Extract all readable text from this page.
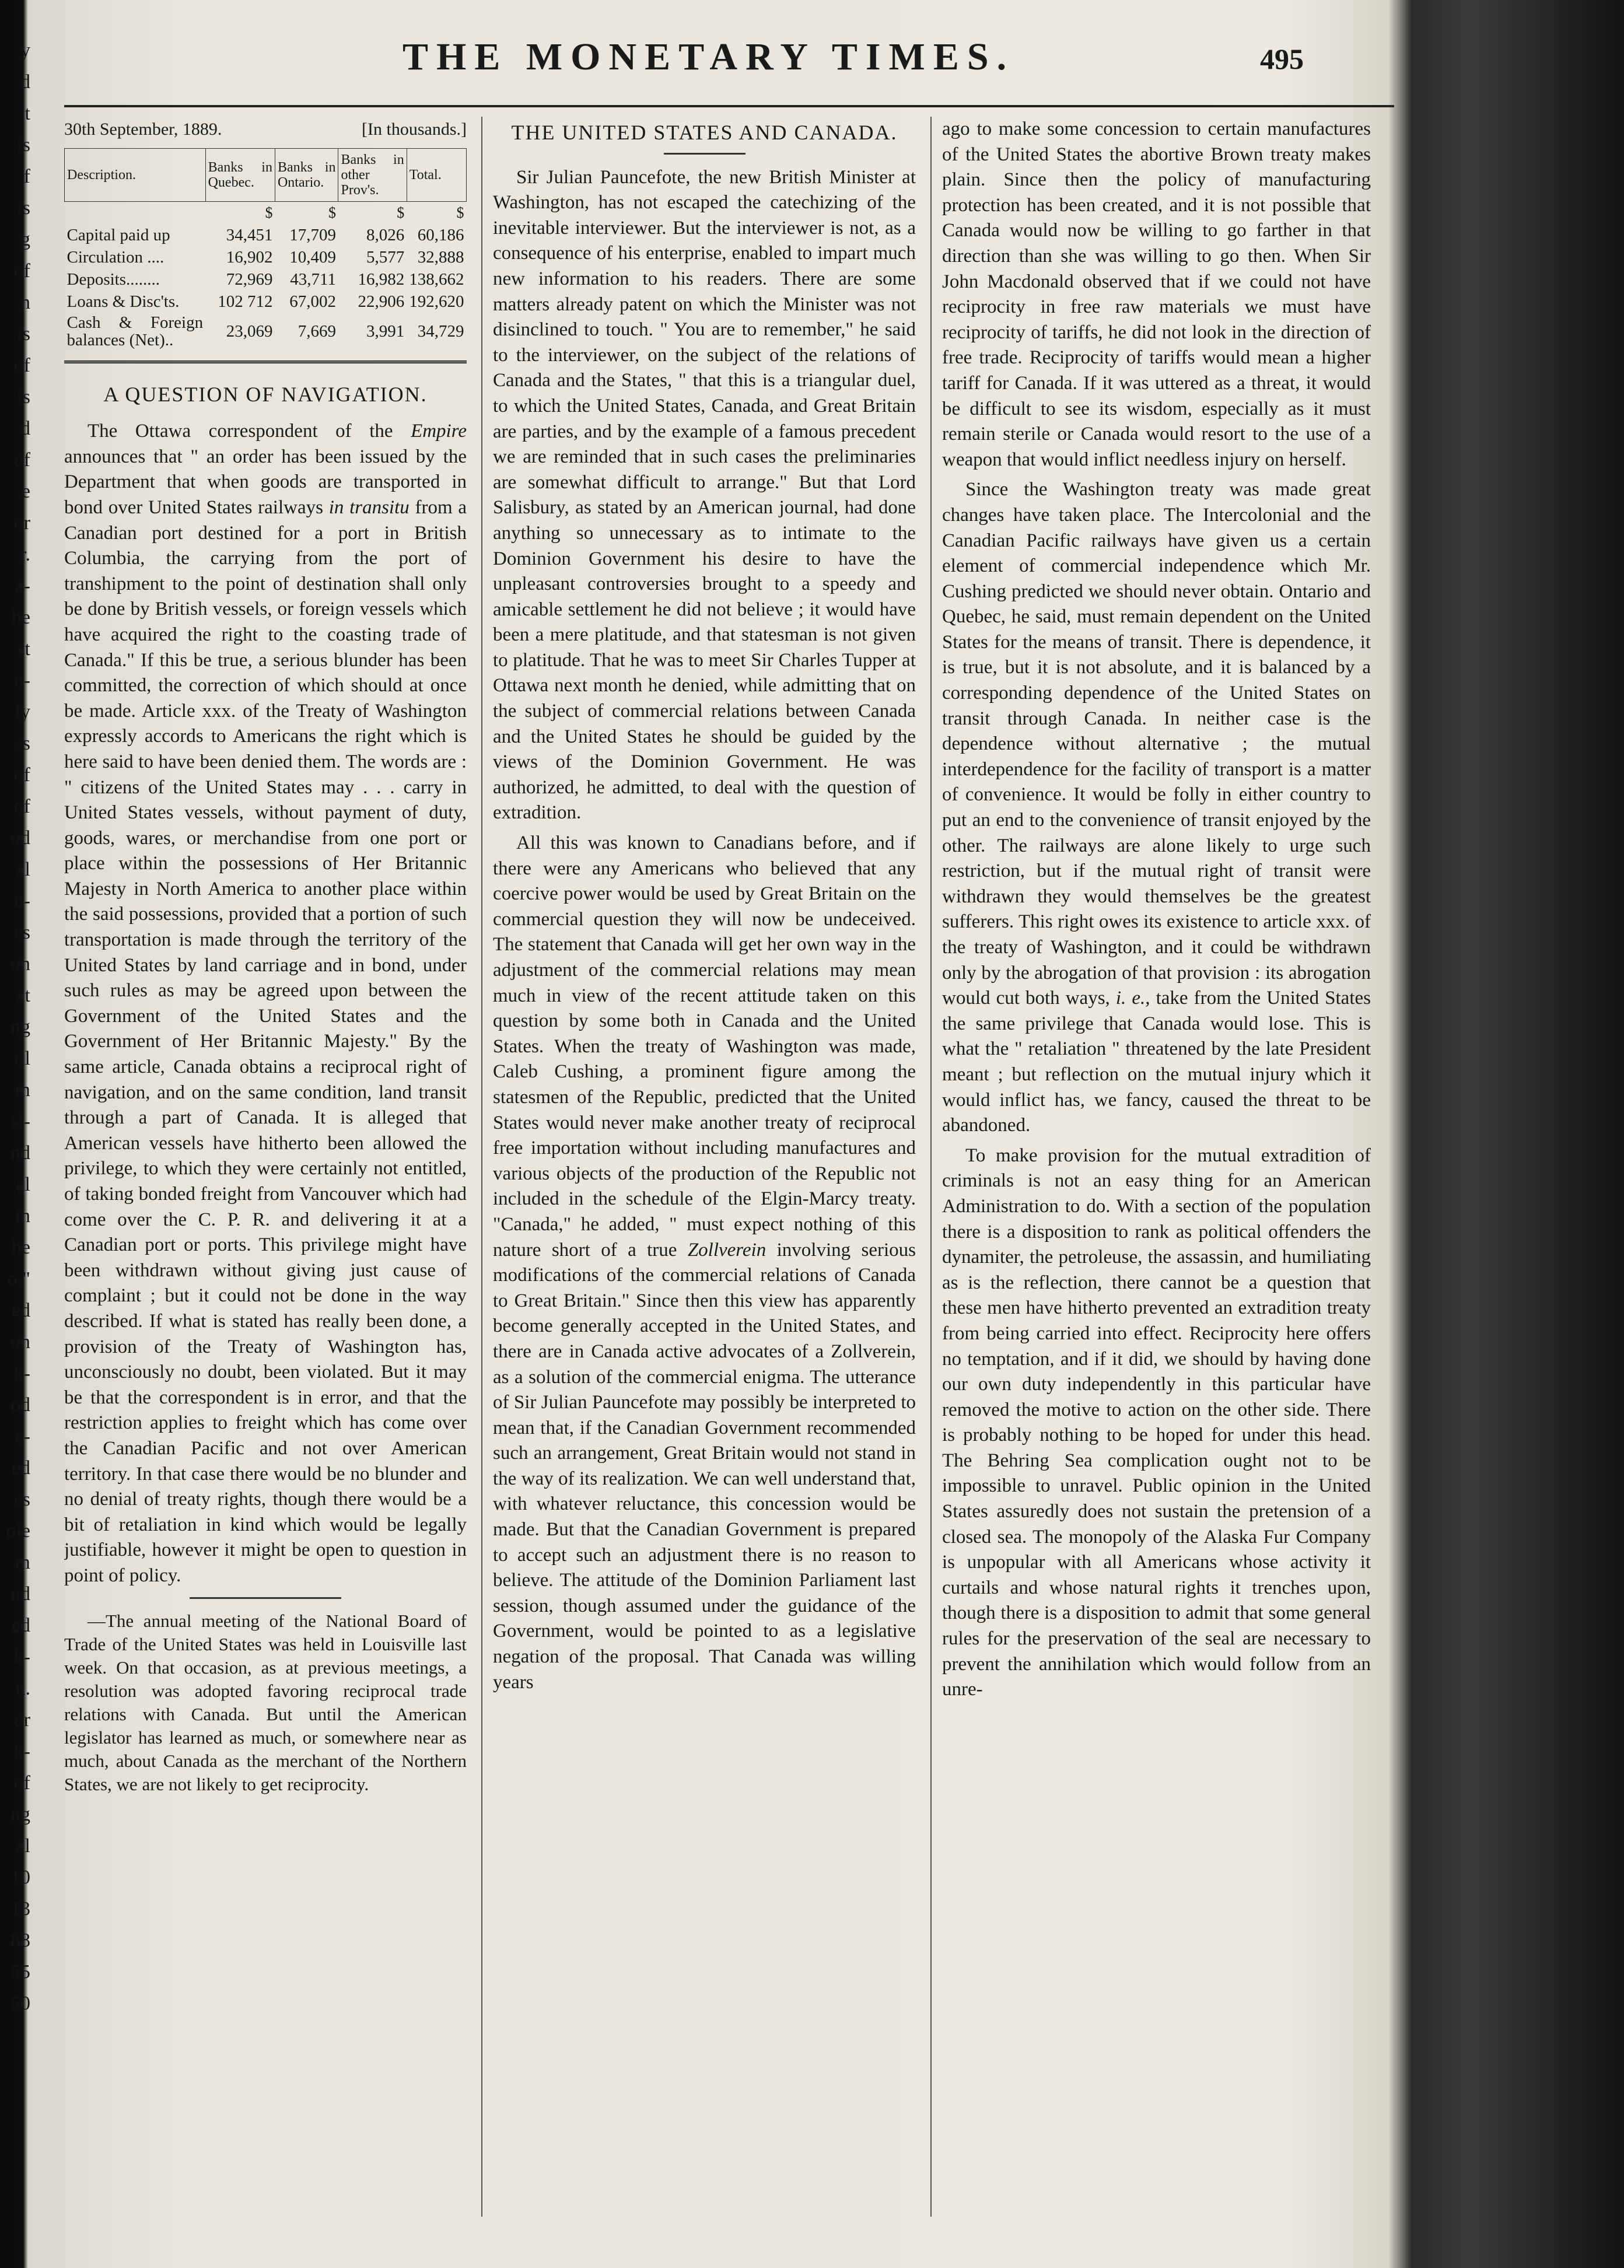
y
d
t
is
f
is
g
of
n
is
of
is
d
of
e
or
r.
a-
he
st
n-
ly
as
of
of
od
al
u-
es
on
at
ng
ill
m
si-
nd
al
in
he
o."
ed
on
k-
od
c-
ed
es
ole
m
nd
ed
k-
n.
or
k-
of
ng
al
10
13
88
55
50
THE MONETARY TIMES.	495
30th September, 1889.	[In thousands.]
Description.	Banks in Quebec.	Banks in Ontario.	Banks in other Prov's.	Total.
	$	$	$	$
Capital paid up	34,451	17,709	8,026	60,186
Circulation ....	16,902	10,409	5,577	32,888
Deposits........	72,969	43,711	16,982	138,662
Loans & Disc'ts.	102 712	67,002	22,906	192,620
Cash & Foreign balances (Net)..	23,069	7,669	3,991	34,729
A QUESTION OF NAVIGATION.

The Ottawa correspondent of the Empire announces that " an order has been issued by the Department that when goods are transported in bond over United States railways in transitu from a Canadian port destined for a port in British Columbia, the carrying from the port of transhipment to the point of destination shall only be done by British vessels, or foreign vessels which have acquired the right to the coasting trade of Canada." If this be true, a serious blunder has been committed, the correction of which should at once be made. Article xxx. of the Treaty of Washington expressly accords to Americans the right which is here said to have been denied them. The words are : " citizens of the United States may . . . carry in United States vessels, without payment of duty, goods, wares, or merchandise from one port or place within the possessions of Her Britannic Majesty in North America to another place within the said possessions, provided that a portion of such transportation is made through the territory of the United States by land carriage and in bond, under such rules as may be agreed upon between the Government of the United States and the Government of Her Britannic Majesty." By the same article, Canada obtains a reciprocal right of navigation, and on the same condition, land transit through a part of Canada. It is alleged that American vessels have hitherto been allowed the privilege, to which they were certainly not entitled, of taking bonded freight from Vancouver which had come over the C. P. R. and delivering it at a Canadian port or ports. This privilege might have been withdrawn without giving just cause of complaint ; but it could not be done in the way described. If what is stated has really been done, a provision of the Treaty of Washington has, unconsciously no doubt, been violated. But it may be that the correspondent is in error, and that the restriction applies to freight which has come over the Canadian Pacific and not over American territory. In that case there would be no blunder and no denial of treaty rights, though there would be a bit of retaliation in kind which would be legally justifiable, however it might be open to question in point of policy.

—The annual meeting of the National Board of Trade of the United States was held in Louisville last week. On that occasion, as at previous meetings, a resolution was adopted favoring reciprocal trade relations with Canada. But until the American legislator has learned as much, or somewhere near as much, about Canada as the merchant of the Northern States, we are not likely to get reciprocity.

THE UNITED STATES AND CANADA.

Sir Julian Pauncefote, the new British Minister at Washington, has not escaped the catechizing of the inevitable interviewer. But the interviewer is not, as a consequence of his enterprise, enabled to impart much new information to his readers. There are some matters already patent on which the Minister was not disinclined to touch. " You are to remember," he said to the interviewer, on the subject of the relations of Canada and the States, " that this is a triangular duel, to which the United States, Canada, and Great Britain are parties, and by the example of a famous precedent we are reminded that in such cases the preliminaries are somewhat difficult to arrange." But that Lord Salisbury, as stated by an American journal, had done anything so unnecessary as to intimate to the Dominion Government his desire to have the unpleasant controversies brought to a speedy and amicable settlement he did not believe ; it would have been a mere platitude, and that statesman is not given to platitude. That he was to meet Sir Charles Tupper at Ottawa next month he denied, while admitting that on the subject of commercial relations between Canada and the United States he should be guided by the views of the Dominion Government. He was authorized, he admitted, to deal with the question of extradition.

All this was known to Canadians before, and if there were any Americans who believed that any coercive power would be used by Great Britain on the commercial question they will now be undeceived. The statement that Canada will get her own way in the adjustment of the commercial relations may mean much in view of the recent attitude taken on this question by some both in Canada and the United States. When the treaty of Washington was made, Caleb Cushing, a prominent figure among the statesmen of the Republic, predicted that the United States would never make another treaty of reciprocal free importation without including manufactures and various objects of the production of the Republic not included in the schedule of the Elgin-Marcy treaty. "Canada," he added, " must expect nothing of this nature short of a true Zollverein involving serious modifications of the commercial relations of Canada to Great Britain." Since then this view has apparently become generally accepted in the United States, and there are in Canada active advocates of a Zollverein, as a solution of the commercial enigma. The utterance of Sir Julian Pauncefote may possibly be interpreted to mean that, if the Canadian Government recommended such an arrangement, Great Britain would not stand in the way of its realization. We can well understand that, with whatever reluctance, this concession would be made. But that the Canadian Government is prepared to accept such an adjustment there is no reason to believe. The attitude of the Dominion Parliament last session, though assumed under the guidance of the Government, would be pointed to as a legislative negation of the proposal. That Canada was willing years

ago to make some concession to certain manufactures of the United States the abortive Brown treaty makes plain. Since then the policy of manufacturing protection has been created, and it is not possible that Canada would now be willing to go farther in that direction than she was willing to go then. When Sir John Macdonald observed that if we could not have reciprocity in free raw materials we must have reciprocity of tariffs, he did not look in the direction of free trade. Reciprocity of tariffs would mean a higher tariff for Canada. If it was uttered as a threat, it would be difficult to see its wisdom, especially as it must remain sterile or Canada would resort to the use of a weapon that would inflict needless injury on herself.

Since the Washington treaty was made great changes have taken place. The Intercolonial and the Canadian Pacific railways have given us a certain element of commercial independence which Mr. Cushing predicted we should never obtain. Ontario and Quebec, he said, must remain dependent on the United States for the means of transit. There is dependence, it is true, but it is not absolute, and it is balanced by a corresponding dependence of the United States on transit through Canada. In neither case is the dependence without alternative ; the mutual interdependence for the facility of transport is a matter of convenience. It would be folly in either country to put an end to the convenience of transit enjoyed by the other. The railways are alone likely to urge such restriction, but if the mutual right of transit were withdrawn they would themselves be the greatest sufferers. This right owes its existence to article xxx. of the treaty of Washington, and it could be withdrawn only by the abrogation of that provision : its abrogation would cut both ways, i. e., take from the United States the same privilege that Canada would lose. This is what the " retaliation " threatened by the late President meant ; but reflection on the mutual injury which it would inflict has, we fancy, caused the threat to be abandoned.

To make provision for the mutual extradition of criminals is not an easy thing for an American Administration to do. With a section of the population there is a disposition to rank as political offenders the dynamiter, the petroleuse, the assassin, and humiliating as is the reflection, there cannot be a question that these men have hitherto prevented an extradition treaty from being carried into effect. Reciprocity here offers no temptation, and if it did, we should by having done our own duty independently in this particular have removed the motive to action on the other side. There is probably nothing to be hoped for under this head. The Behring Sea complication ought not to be impossible to unravel. Public opinion in the United States assuredly does not sustain the pretension of a closed sea. The monopoly of the Alaska Fur Company is unpopular with all Americans whose activity it curtails and whose natural rights it trenches upon, though there is a disposition to admit that some general rules for the preservation of the seal are necessary to prevent the annihilation which would follow from an unre-
